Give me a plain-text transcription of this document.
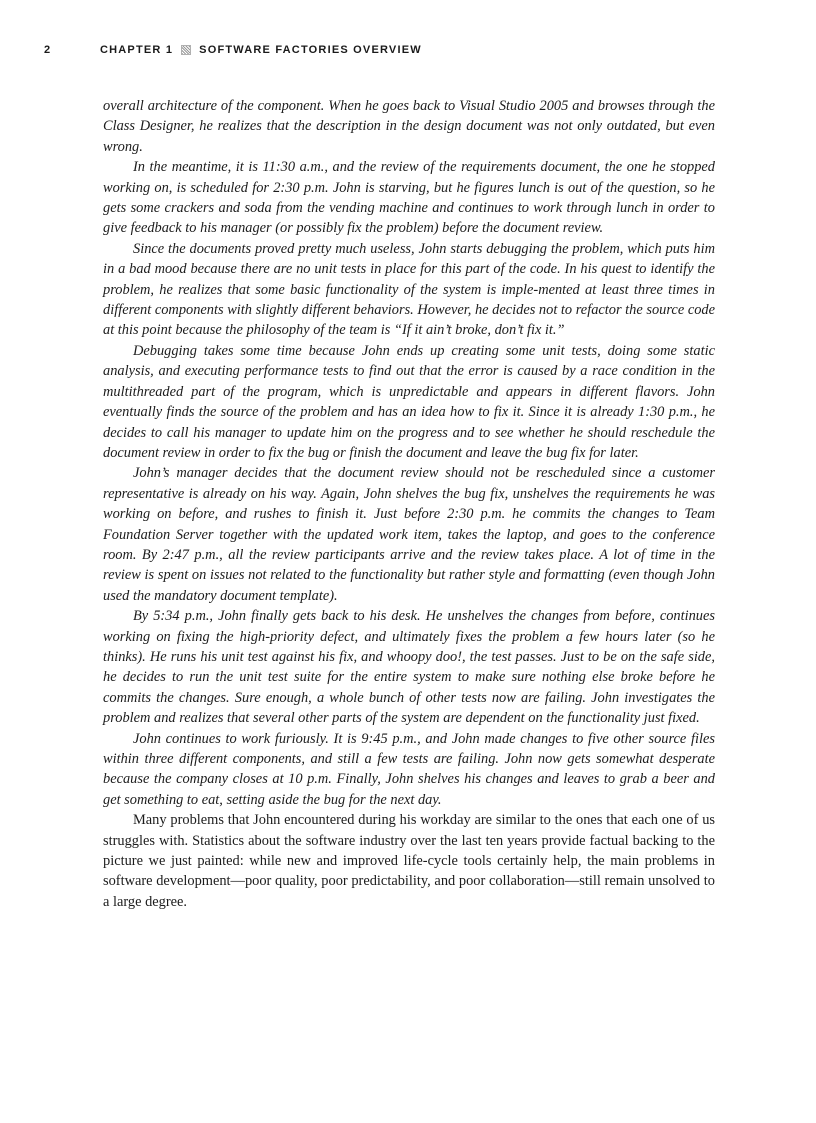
2	CHAPTER 1 SOFTWARE FACTORIES OVERVIEW

overall architecture of the component. When he goes back to Visual Studio 2005 and browses through the Class Designer, he realizes that the description in the design document was not only outdated, but even wrong.

In the meantime, it is 11:30 a.m., and the review of the requirements document, the one he stopped working on, is scheduled for 2:30 p.m. John is starving, but he figures lunch is out of the question, so he gets some crackers and soda from the vending machine and continues to work through lunch in order to give feedback to his manager (or possibly fix the problem) before the document review.

Since the documents proved pretty much useless, John starts debugging the problem, which puts him in a bad mood because there are no unit tests in place for this part of the code. In his quest to identify the problem, he realizes that some basic functionality of the system is imple-mented at least three times in different components with slightly different behaviors. However, he decides not to refactor the source code at this point because the philosophy of the team is “If it ain’t broke, don’t fix it.”

Debugging takes some time because John ends up creating some unit tests, doing some static analysis, and executing performance tests to find out that the error is caused by a race condition in the multithreaded part of the program, which is unpredictable and appears in different flavors. John eventually finds the source of the problem and has an idea how to fix it. Since it is already 1:30 p.m., he decides to call his manager to update him on the progress and to see whether he should reschedule the document review in order to fix the bug or finish the document and leave the bug fix for later.

John’s manager decides that the document review should not be rescheduled since a customer representative is already on his way. Again, John shelves the bug fix, unshelves the requirements he was working on before, and rushes to finish it. Just before 2:30 p.m. he commits the changes to Team Foundation Server together with the updated work item, takes the laptop, and goes to the conference room. By 2:47 p.m., all the review participants arrive and the review takes place. A lot of time in the review is spent on issues not related to the functionality but rather style and formatting (even though John used the mandatory document template).

By 5:34 p.m., John finally gets back to his desk. He unshelves the changes from before, continues working on fixing the high-priority defect, and ultimately fixes the problem a few hours later (so he thinks). He runs his unit test against his fix, and whoopy doo!, the test passes. Just to be on the safe side, he decides to run the unit test suite for the entire system to make sure nothing else broke before he commits the changes. Sure enough, a whole bunch of other tests now are failing. John investigates the problem and realizes that several other parts of the system are dependent on the functionality just fixed.

John continues to work furiously. It is 9:45 p.m., and John made changes to five other source files within three different components, and still a few tests are failing. John now gets somewhat desperate because the company closes at 10 p.m. Finally, John shelves his changes and leaves to grab a beer and get something to eat, setting aside the bug for the next day.

Many problems that John encountered during his workday are similar to the ones that each one of us struggles with. Statistics about the software industry over the last ten years provide factual backing to the picture we just painted: while new and improved life-cycle tools certainly help, the main problems in software development—poor quality, poor predictability, and poor collaboration—still remain unsolved to a large degree.
